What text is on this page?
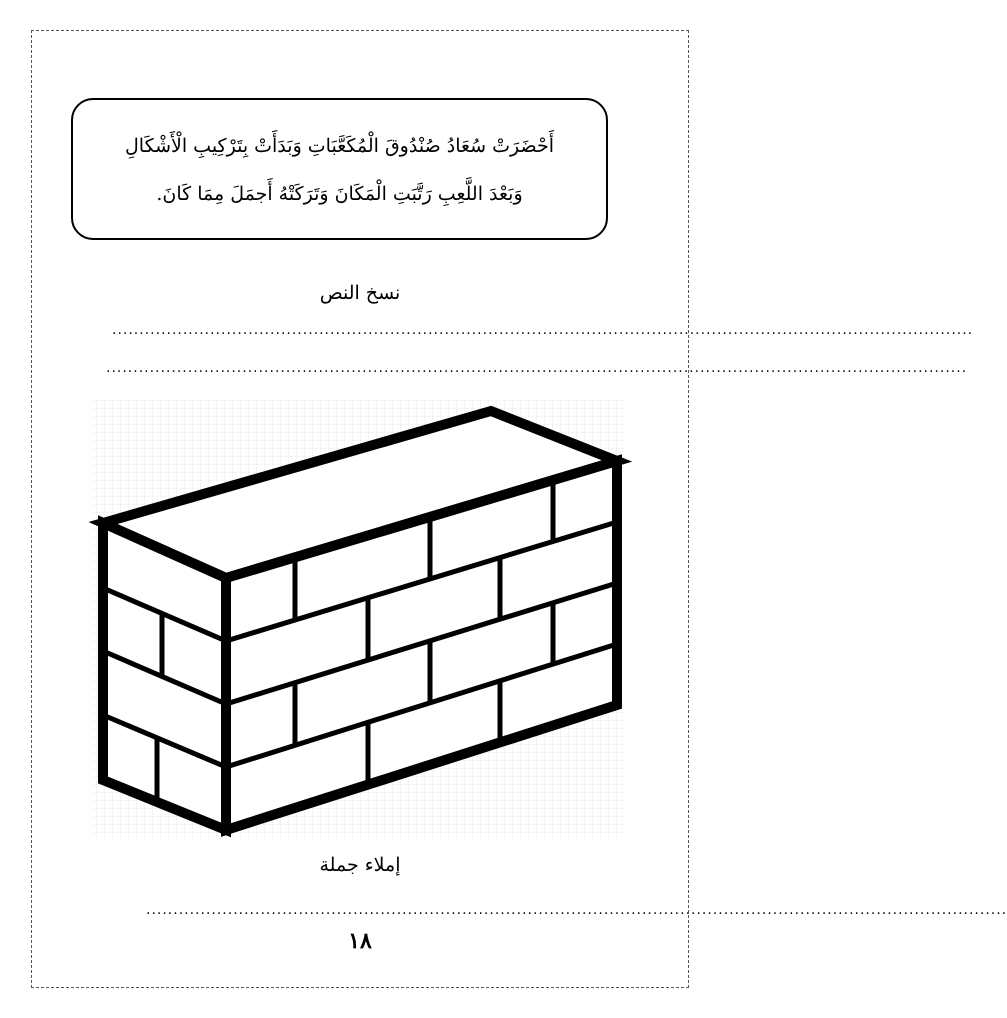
أَحْضَرَتْ سُعَادُ صُنْدُوقَ الْمُكَعَّبَاتِ وَبَدَأَتْ بِتَرْكِيبِ الْأَشْكَالِ
وَبَعْدَ اللَّعِبِ رَتَّبَتِ الْمَكَانَ وَتَرَكَتْهُ أَجمَلَ مِمَا كَانَ.
نسخ النص
..............................................................................................................................................................
..............................................................................................................................................................
إملاء جملة
..............................................................................................................................................................
١٨
